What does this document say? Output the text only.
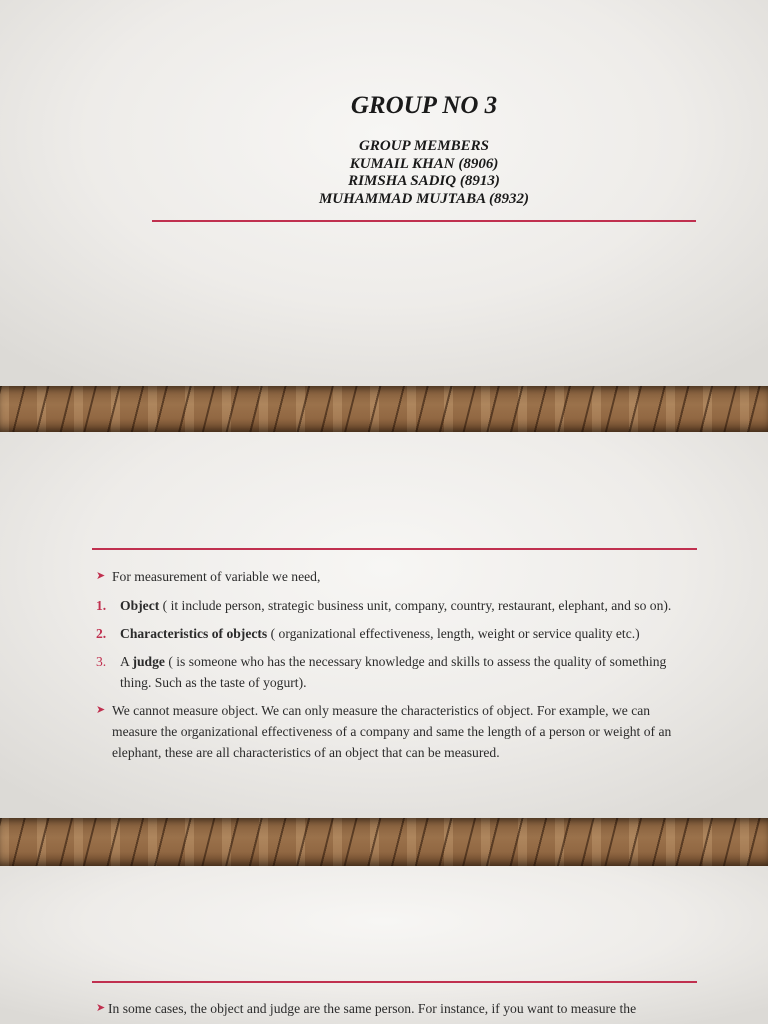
GROUP NO 3
GROUP MEMBERS
KUMAIL KHAN (8906)
RIMSHA SADIQ (8913)
MUHAMMAD MUJTABA (8932)
➤ For measurement of variable we need,
1. Object ( it include person, strategic business unit, company, country, restaurant, elephant, and so on).
2. Characteristics of objects ( organizational effectiveness, length, weight or service quality etc.)
3. A judge ( is someone who has the necessary knowledge and skills to assess the quality of something thing. Such as the taste of yogurt).
➤ We cannot measure object. We can only measure the characteristics of object. For example, we can measure the organizational effectiveness of a company and same the length of a person or weight of an elephant, these are all characteristics of an object that can be measured.
➤ In some cases, the object and judge are the same person. For instance, if you want to measure the
